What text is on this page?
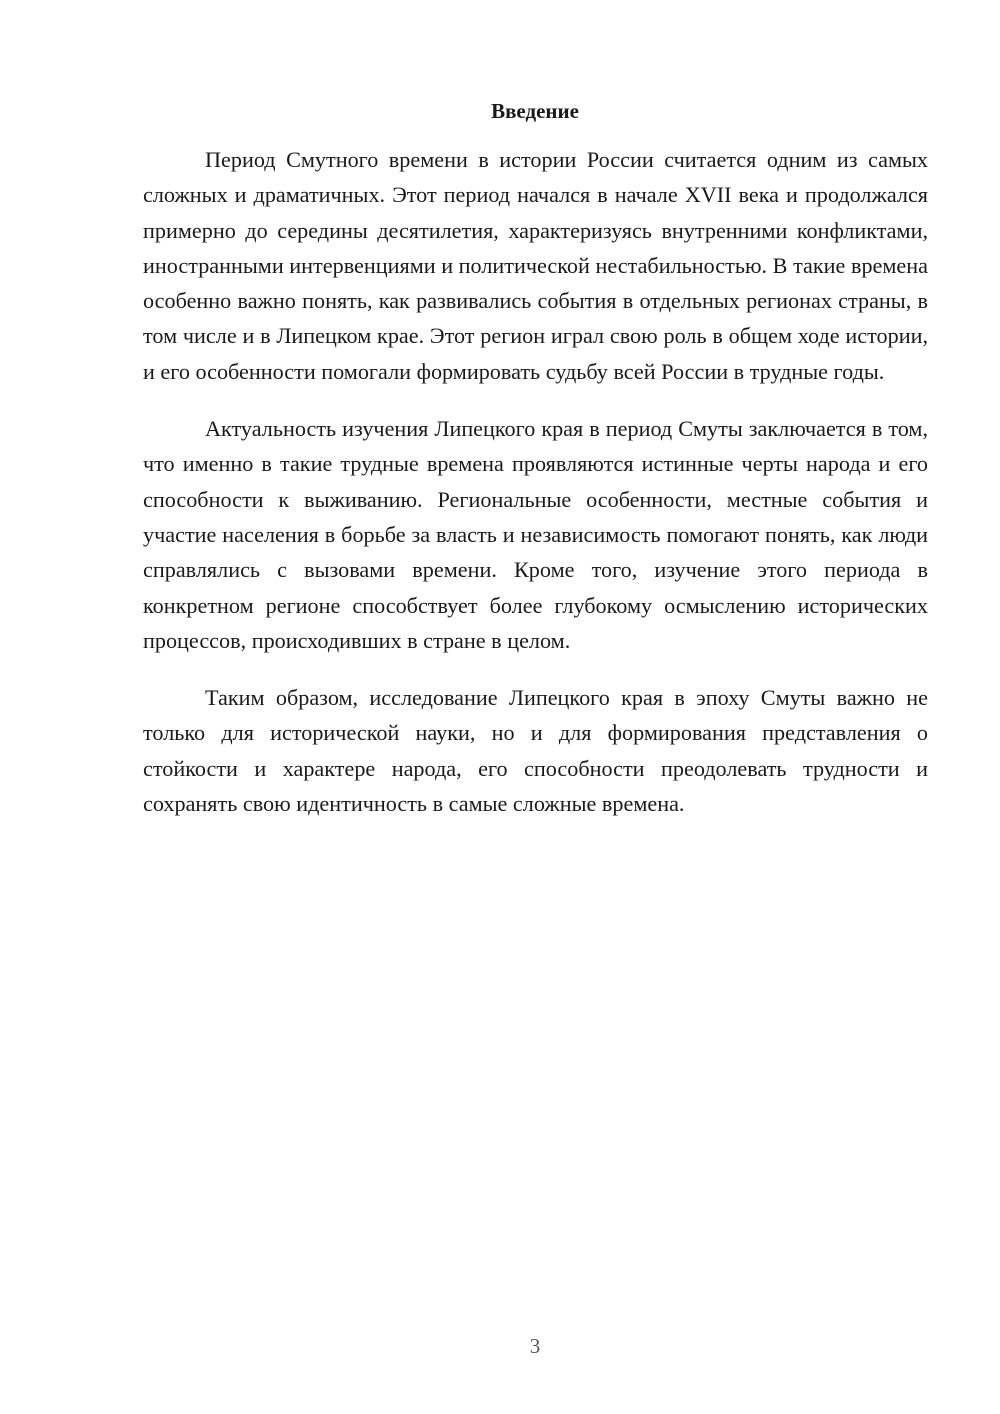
Введение

Период Смутного времени в истории России считается одним из самых сложных и драматичных. Этот период начался в начале XVII века и продолжался примерно до середины десятилетия, характеризуясь внутренними конфликтами, иностранными интервенциями и политической нестабильностью. В такие времена особенно важно понять, как развивались события в отдельных регионах страны, в том числе и в Липецком крае. Этот регион играл свою роль в общем ходе истории, и его особенности помогали формировать судьбу всей России в трудные годы.

Актуальность изучения Липецкого края в период Смуты заключается в том, что именно в такие трудные времена проявляются истинные черты народа и его способности к выживанию. Региональные особенности, местные события и участие населения в борьбе за власть и независимость помогают понять, как люди справлялись с вызовами времени. Кроме того, изучение этого периода в конкретном регионе способствует более глубокому осмыслению исторических процессов, происходивших в стране в целом.

Таким образом, исследование Липецкого края в эпоху Смуты важно не только для исторической науки, но и для формирования представления о стойкости и характере народа, его способности преодолевать трудности и сохранять свою идентичность в самые сложные времена.

3
